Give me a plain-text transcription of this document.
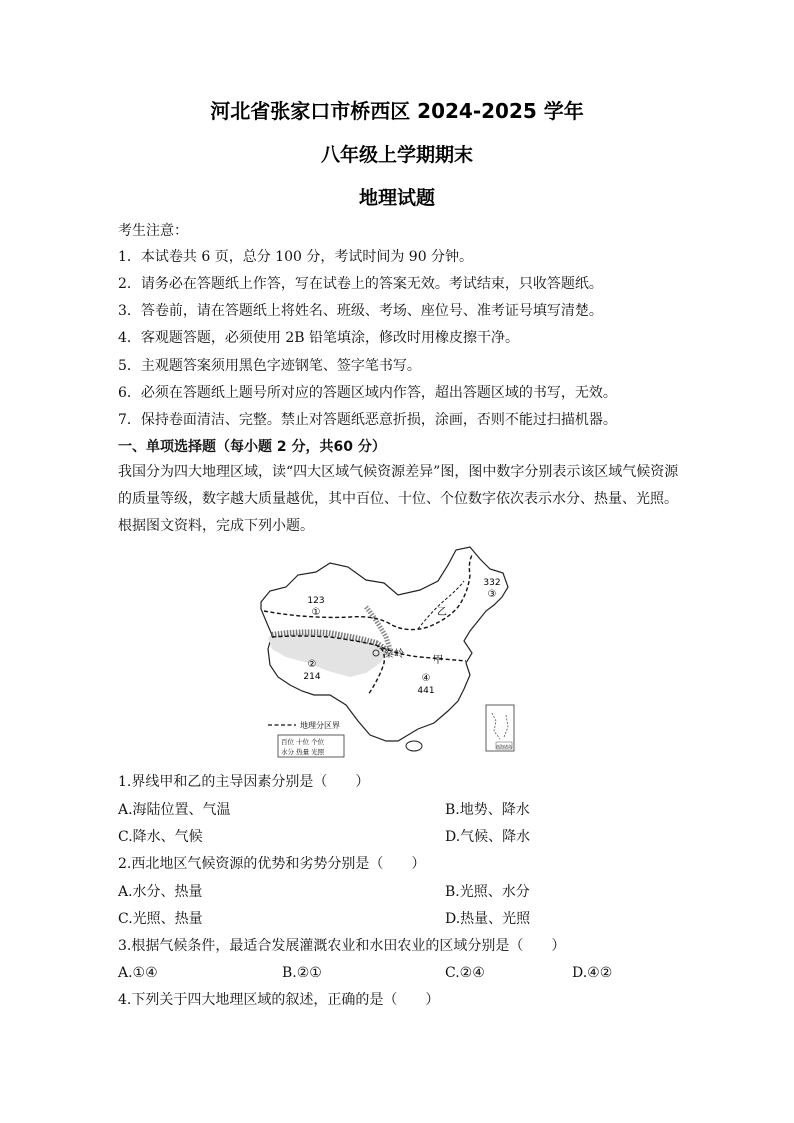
河北省张家口市桥西区 2024-2025 学年
八年级上学期期末
地理试题
考生注意：
1．本试卷共 6 页，总分 100 分，考试时间为 90 分钟。
2．请务必在答题纸上作答，写在试卷上的答案无效。考试结束，只收答题纸。
3．答卷前，请在答题纸上将姓名、班级、考场、座位号、准考证号填写清楚。
4．客观题答题，必须使用 2B 铅笔填涂，修改时用橡皮擦干净。
5．主观题答案须用黑色字迹钢笔、签字笔书写。
6．必须在答题纸上题号所对应的答题区域内作答，超出答题区域的书写，无效。
7．保持卷面清洁、完整。禁止对答题纸恶意折损，涂画，否则不能过扫描机器。
一、单项选择题（每小题 2 分，共60 分）
我国分为四大地理区域，读“四大区域气候资源差异”图，图中数字分别表示该区域气候资源的质量等级，数字越大质量越优，其中百位、十位、个位数字依次表示水分、热量、光照。根据图文资料，完成下列小题。
123
①
②
214
332
③
④
441
秦岭
甲
乙
地理分区界
百位 十位 个位
水分 热量 光照
南海诸岛
1.界线甲和乙的主导因素分别是（　　）
A.海陆位置、气温	B.地势、降水
C.降水、气候	D.气候、降水
2.西北地区气候资源的优势和劣势分别是（　　）
A.水分、热量	B.光照、水分
C.光照、热量	D.热量、光照
3.根据气候条件，最适合发展灌溉农业和水田农业的区域分别是（　　）
A.①④	B.②①	C.②④	D.④②
4.下列关于四大地理区域的叙述，正确的是（　　）
